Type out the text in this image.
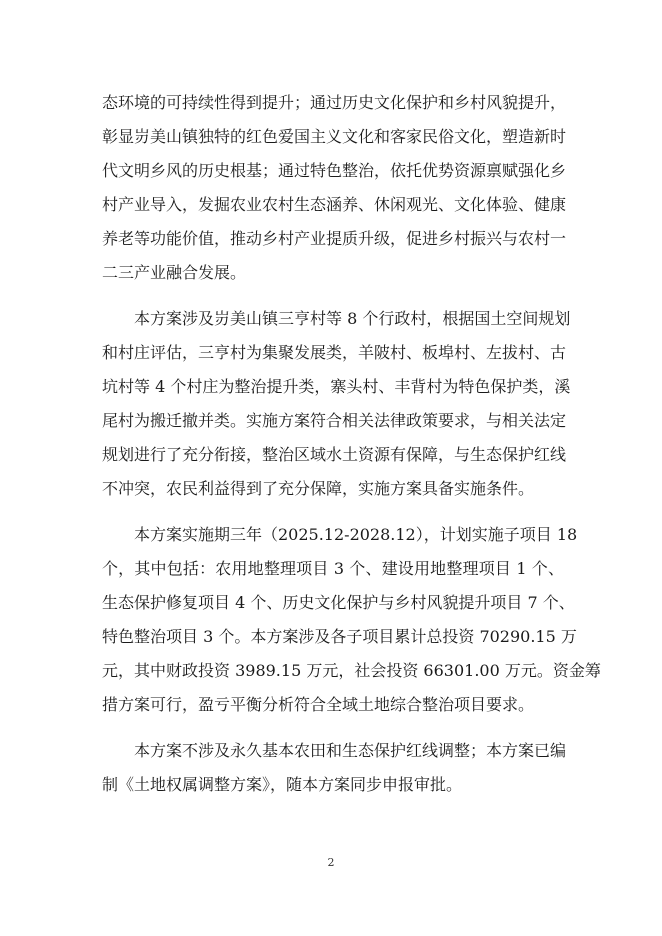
态环境的可持续性得到提升；通过历史文化保护和乡村风貌提升，
彰显岃美山镇独特的红色爱国主义文化和客家民俗文化，塑造新时
代文明乡风的历史根基；通过特色整治，依托优势资源禀赋强化乡
村产业导入，发掘农业农村生态涵养、休闲观光、文化体验、健康
养老等功能价值，推动乡村产业提质升级，促进乡村振兴与农村一
二三产业融合发展。
本方案涉及岃美山镇三亨村等 8 个行政村，根据国土空间规划
和村庄评估，三亨村为集聚发展类，羊陂村、板埠村、左拔村、古
坑村等 4 个村庄为整治提升类，寨头村、丰背村为特色保护类，溪
尾村为搬迁撤并类。实施方案符合相关法律政策要求，与相关法定
规划进行了充分衔接，整治区域水土资源有保障，与生态保护红线
不冲突，农民利益得到了充分保障，实施方案具备实施条件。
本方案实施期三年（2025.12-2028.12），计划实施子项目 18
个，其中包括：农用地整理项目 3 个、建设用地整理项目 1 个、
生态保护修复项目 4 个、历史文化保护与乡村风貌提升项目 7 个、
特色整治项目 3 个。本方案涉及各子项目累计总投资 70290.15 万
元，其中财政投资 3989.15 万元，社会投资 66301.00 万元。资金筹
措方案可行，盈亏平衡分析符合全域土地综合整治项目要求。
本方案不涉及永久基本农田和生态保护红线调整；本方案已编
制《土地权属调整方案》，随本方案同步申报审批。
2
